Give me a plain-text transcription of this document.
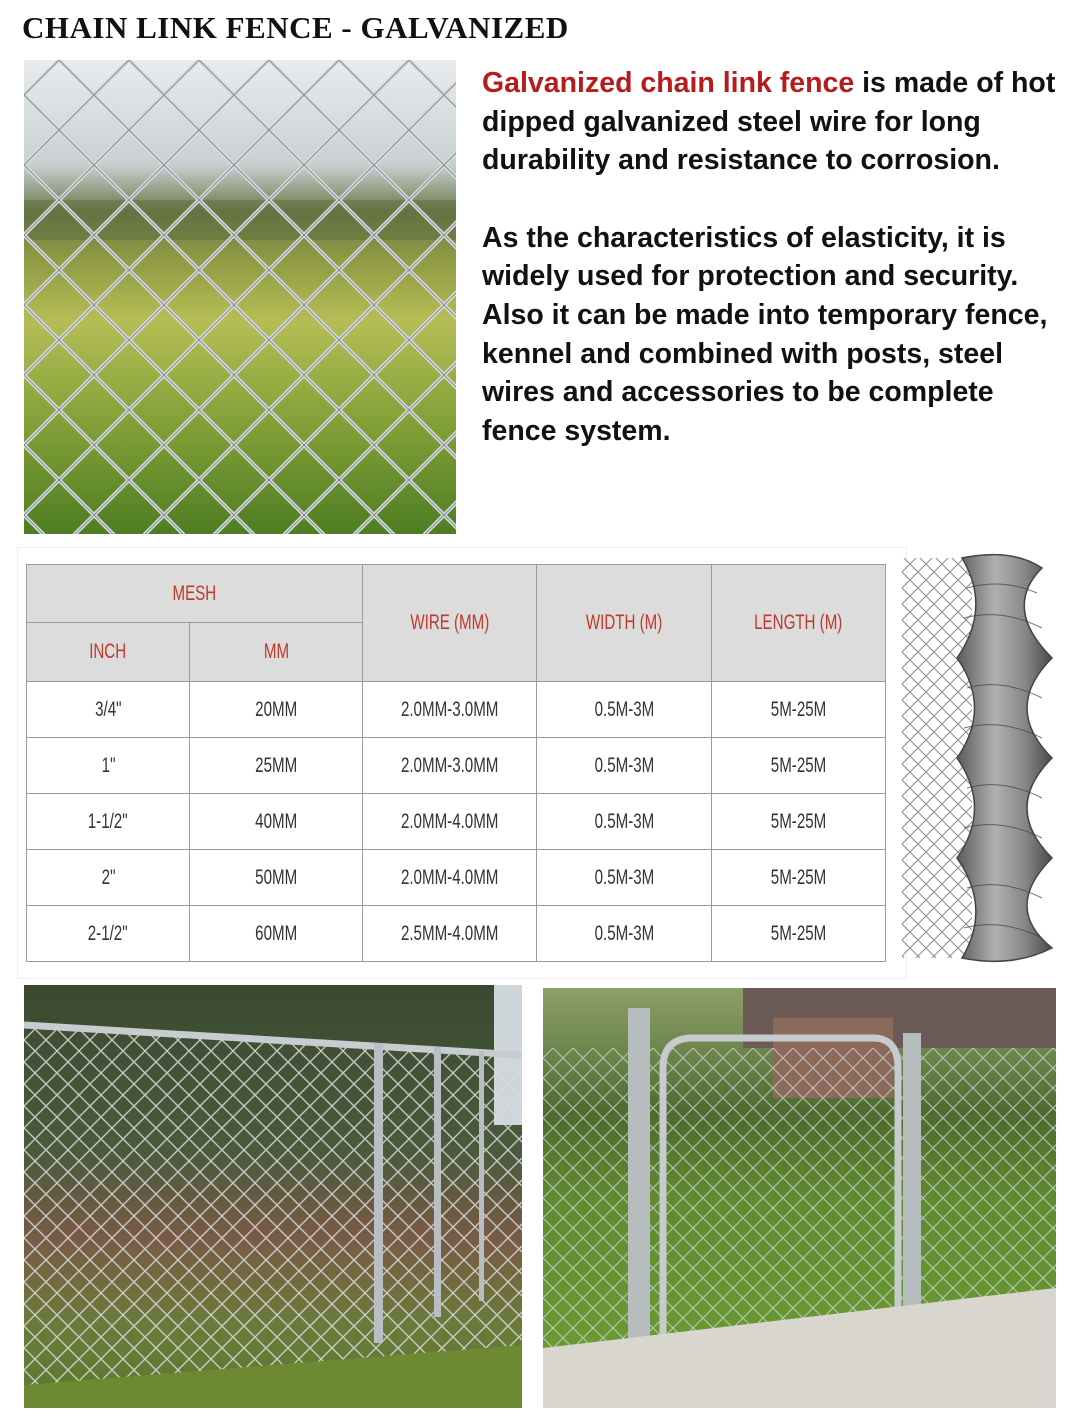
CHAIN LINK FENCE - GALVANIZED

Galvanized chain link fence is made of hot dipped galvanized steel wire for long durability and resistance to corrosion.

As the characteristics of elasticity, it is widely used for protection and security. Also it can be made into temporary fence, kennel and combined with posts, steel wires and accessories to be complete fence system.

MESH		WIRE (MM)	WIDTH (M)	LENGTH (M)
INCH	MM			
3/4"	20MM	2.0MM-3.0MM	0.5M-3M	5M-25M
1"	25MM	2.0MM-3.0MM	0.5M-3M	5M-25M
1-1/2"	40MM	2.0MM-4.0MM	0.5M-3M	5M-25M
2"	50MM	2.0MM-4.0MM	0.5M-3M	5M-25M
2-1/2"	60MM	2.5MM-4.0MM	0.5M-3M	5M-25M
